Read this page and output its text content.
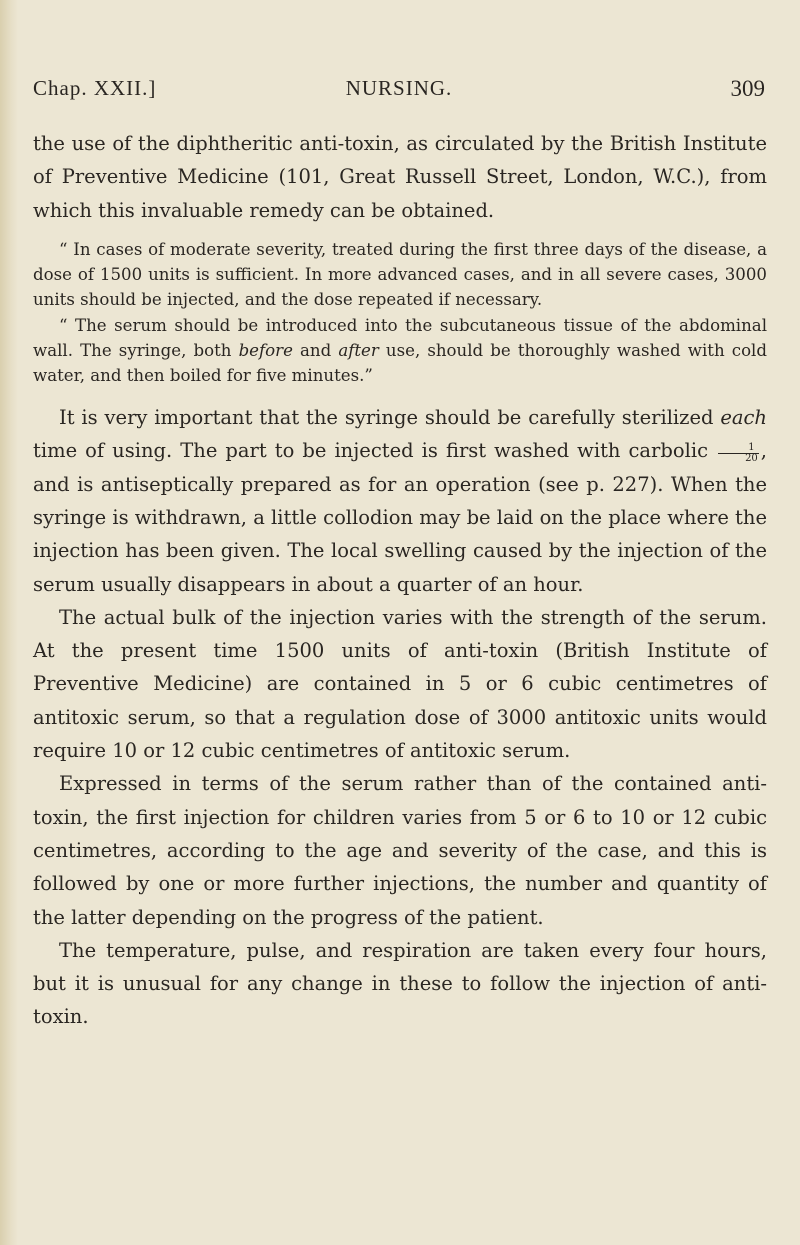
Chap. XXII.]	NURSING.	309

the use of the diphtheritic anti-toxin, as circulated by the British Institute of Preventive Medicine (101, Great Russell Street, London, W.C.), from which this invaluable remedy can be obtained.

“ In cases of moderate severity, treated during the first three days of the disease, a dose of 1500 units is sufficient. In more advanced cases, and in all severe cases, 3000 units should be injected, and the dose repeated if necessary.

“ The serum should be introduced into the subcutaneous tissue of the abdominal wall. The syringe, both before and after use, should be thoroughly washed with cold water, and then boiled for five minutes.”

It is very important that the syringe should be carefully sterilized each time of using. The part to be injected is first washed with carbolic $\frac{1}{20}$ , and is antiseptically prepared as for an operation (see p. 227). When the syringe is withdrawn, a little collodion may be laid on the place where the injection has been given. The local swelling caused by the injection of the serum usually disappears in about a quarter of an hour.

The actual bulk of the injection varies with the strength of the serum. At the present time 1500 units of anti-toxin (British Institute of Preventive Medicine) are contained in 5 or 6 cubic centimetres of antitoxic serum, so that a regulation dose of 3000 antitoxic units would require 10 or 12 cubic centimetres of antitoxic serum.

Expressed in terms of the serum rather than of the contained anti-toxin, the first injection for children varies from 5 or 6 to 10 or 12 cubic centimetres, according to the age and severity of the case, and this is followed by one or more further injections, the number and quantity of the latter depending on the progress of the patient.

The temperature, pulse, and respiration are taken every four hours, but it is unusual for any change in these to follow the injection of anti-toxin.
